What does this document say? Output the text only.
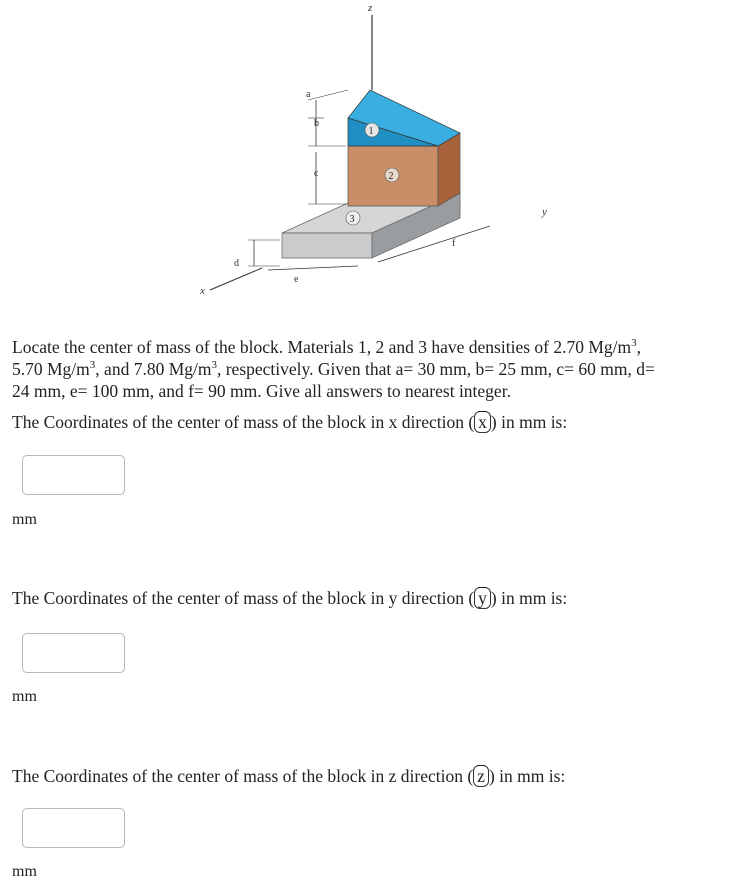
z
x
1
2
3
a
b
c
d
e
f
y
Locate the center of mass of the block. Materials 1, 2 and 3 have densities of 2.70 $Mg/m^3$,
5.70 $Mg/m^3$, and 7.80 $Mg/m^3$, respectively. Given that a= 30 mm, b= 25 mm, c= 60 mm, d=
24 mm, e= 100 mm, and f= 90 mm. Give all answers to nearest integer.
The Coordinates of the center of mass of the block in x direction ( $\overline{x}$ ) in mm is:
mm
The Coordinates of the center of mass of the block in y direction ( $\overline{y}$ ) in mm is:
mm
The Coordinates of the center of mass of the block in z direction ( $\overline{z}$ ) in mm is:
mm
